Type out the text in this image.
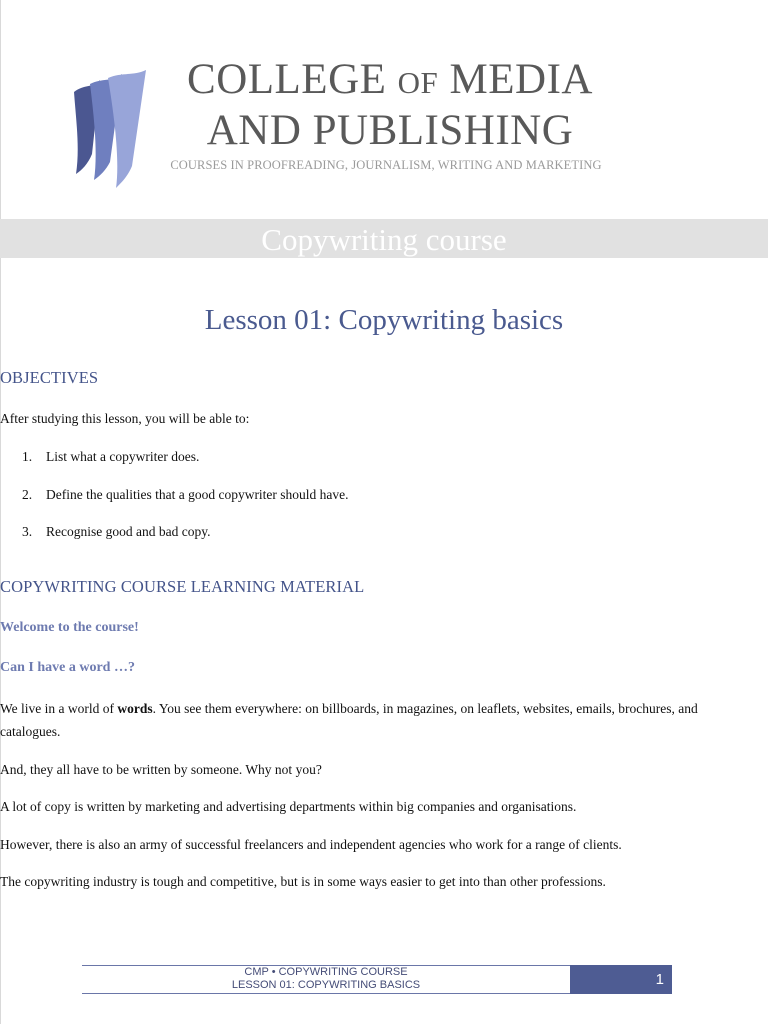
COLLEGE OF MEDIA
AND PUBLISHING
COURSES IN PROOFREADING, JOURNALISM, WRITING AND MARKETING
Copywriting course
Lesson 01: Copywriting basics
OBJECTIVES
After studying this lesson, you will be able to:
1.	List what a copywriter does.
2.	Define the qualities that a good copywriter should have.
3.	Recognise good and bad copy.
COPYWRITING COURSE LEARNING MATERIAL
Welcome to the course!
Can I have a word …?
We live in a world of words. You see them everywhere: on billboards, in magazines, on leaflets, websites, emails, brochures, and catalogues.
And, they all have to be written by someone. Why not you?
A lot of copy is written by marketing and advertising departments within big companies and organisations.
However, there is also an army of successful freelancers and independent agencies who work for a range of clients.
The copywriting industry is tough and competitive, but is in some ways easier to get into than other professions.
CMP • COPYWRITING COURSE
LESSON 01: COPYWRITING BASICS	1
